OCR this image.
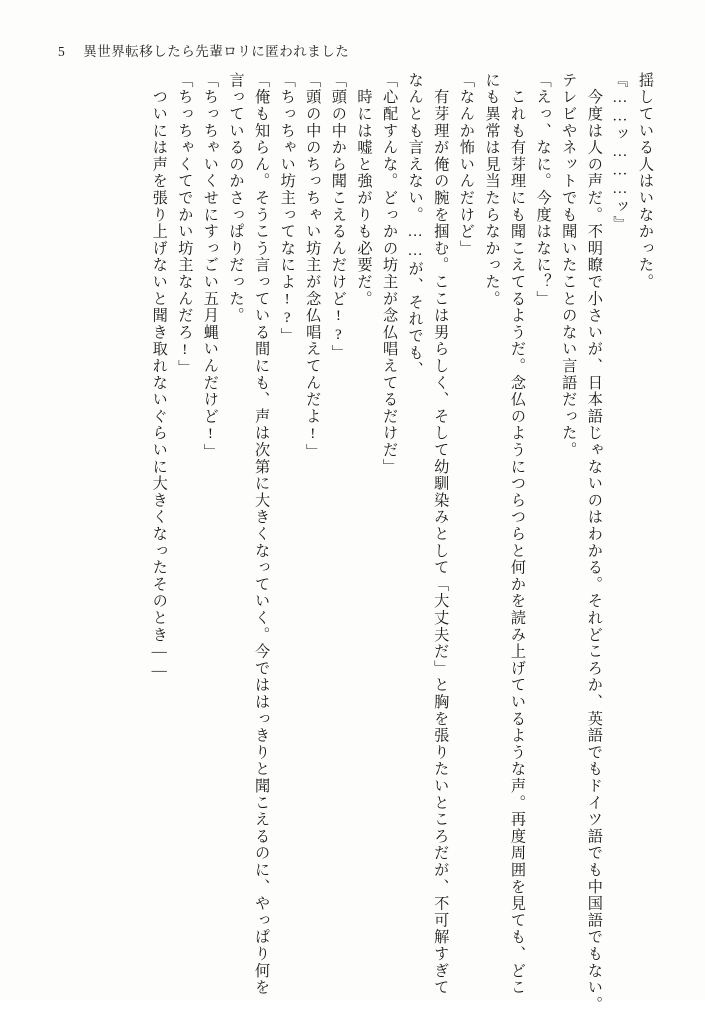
5 異世界転移したら先輩ロリに匿われました
揺している人はいなかった。
『……ッ………ッ』
　今度は人の声だ。不明瞭で小さいが、日本語じゃないのはわかる。それどころか、英語でもドイツ語でも中国語でもない。
テレビやネットでも聞いたことのない言語だった。
「えっ、なに。今度はなに？」
　これも有芽理にも聞こえてるようだ。念仏のようにつらつらと何かを読み上げているような声。再度周囲を見ても、どこ
にも異常は見当たらなかった。
「なんか怖いんだけど」
　有芽理が俺の腕を掴む。ここは男らしく、そして幼馴染みとして「大丈夫だ」と胸を張りたいところだが、不可解すぎて
なんとも言えない。……が、それでも、
「心配すんな。どっかの坊主が念仏唱えてるだけだ」
　時には嘘と強がりも必要だ。
「頭の中から聞こえるんだけど!?」
「頭の中のちっちゃい坊主が念仏唱えてんだよ!」
「ちっちゃい坊主ってなによ!?」
「俺も知らん。そうこう言っている間にも、声は次第に大きくなっていく。今でははっきりと聞こえるのに、やっぱり何を
言っているのかさっぱりだった。
「ちっちゃいくせにすっごい五月蝿いんだけど!」
「ちっちゃくてでかい坊主なんだろ!」
　ついには声を張り上げないと聞き取れないぐらいに大きくなったそのとき——
